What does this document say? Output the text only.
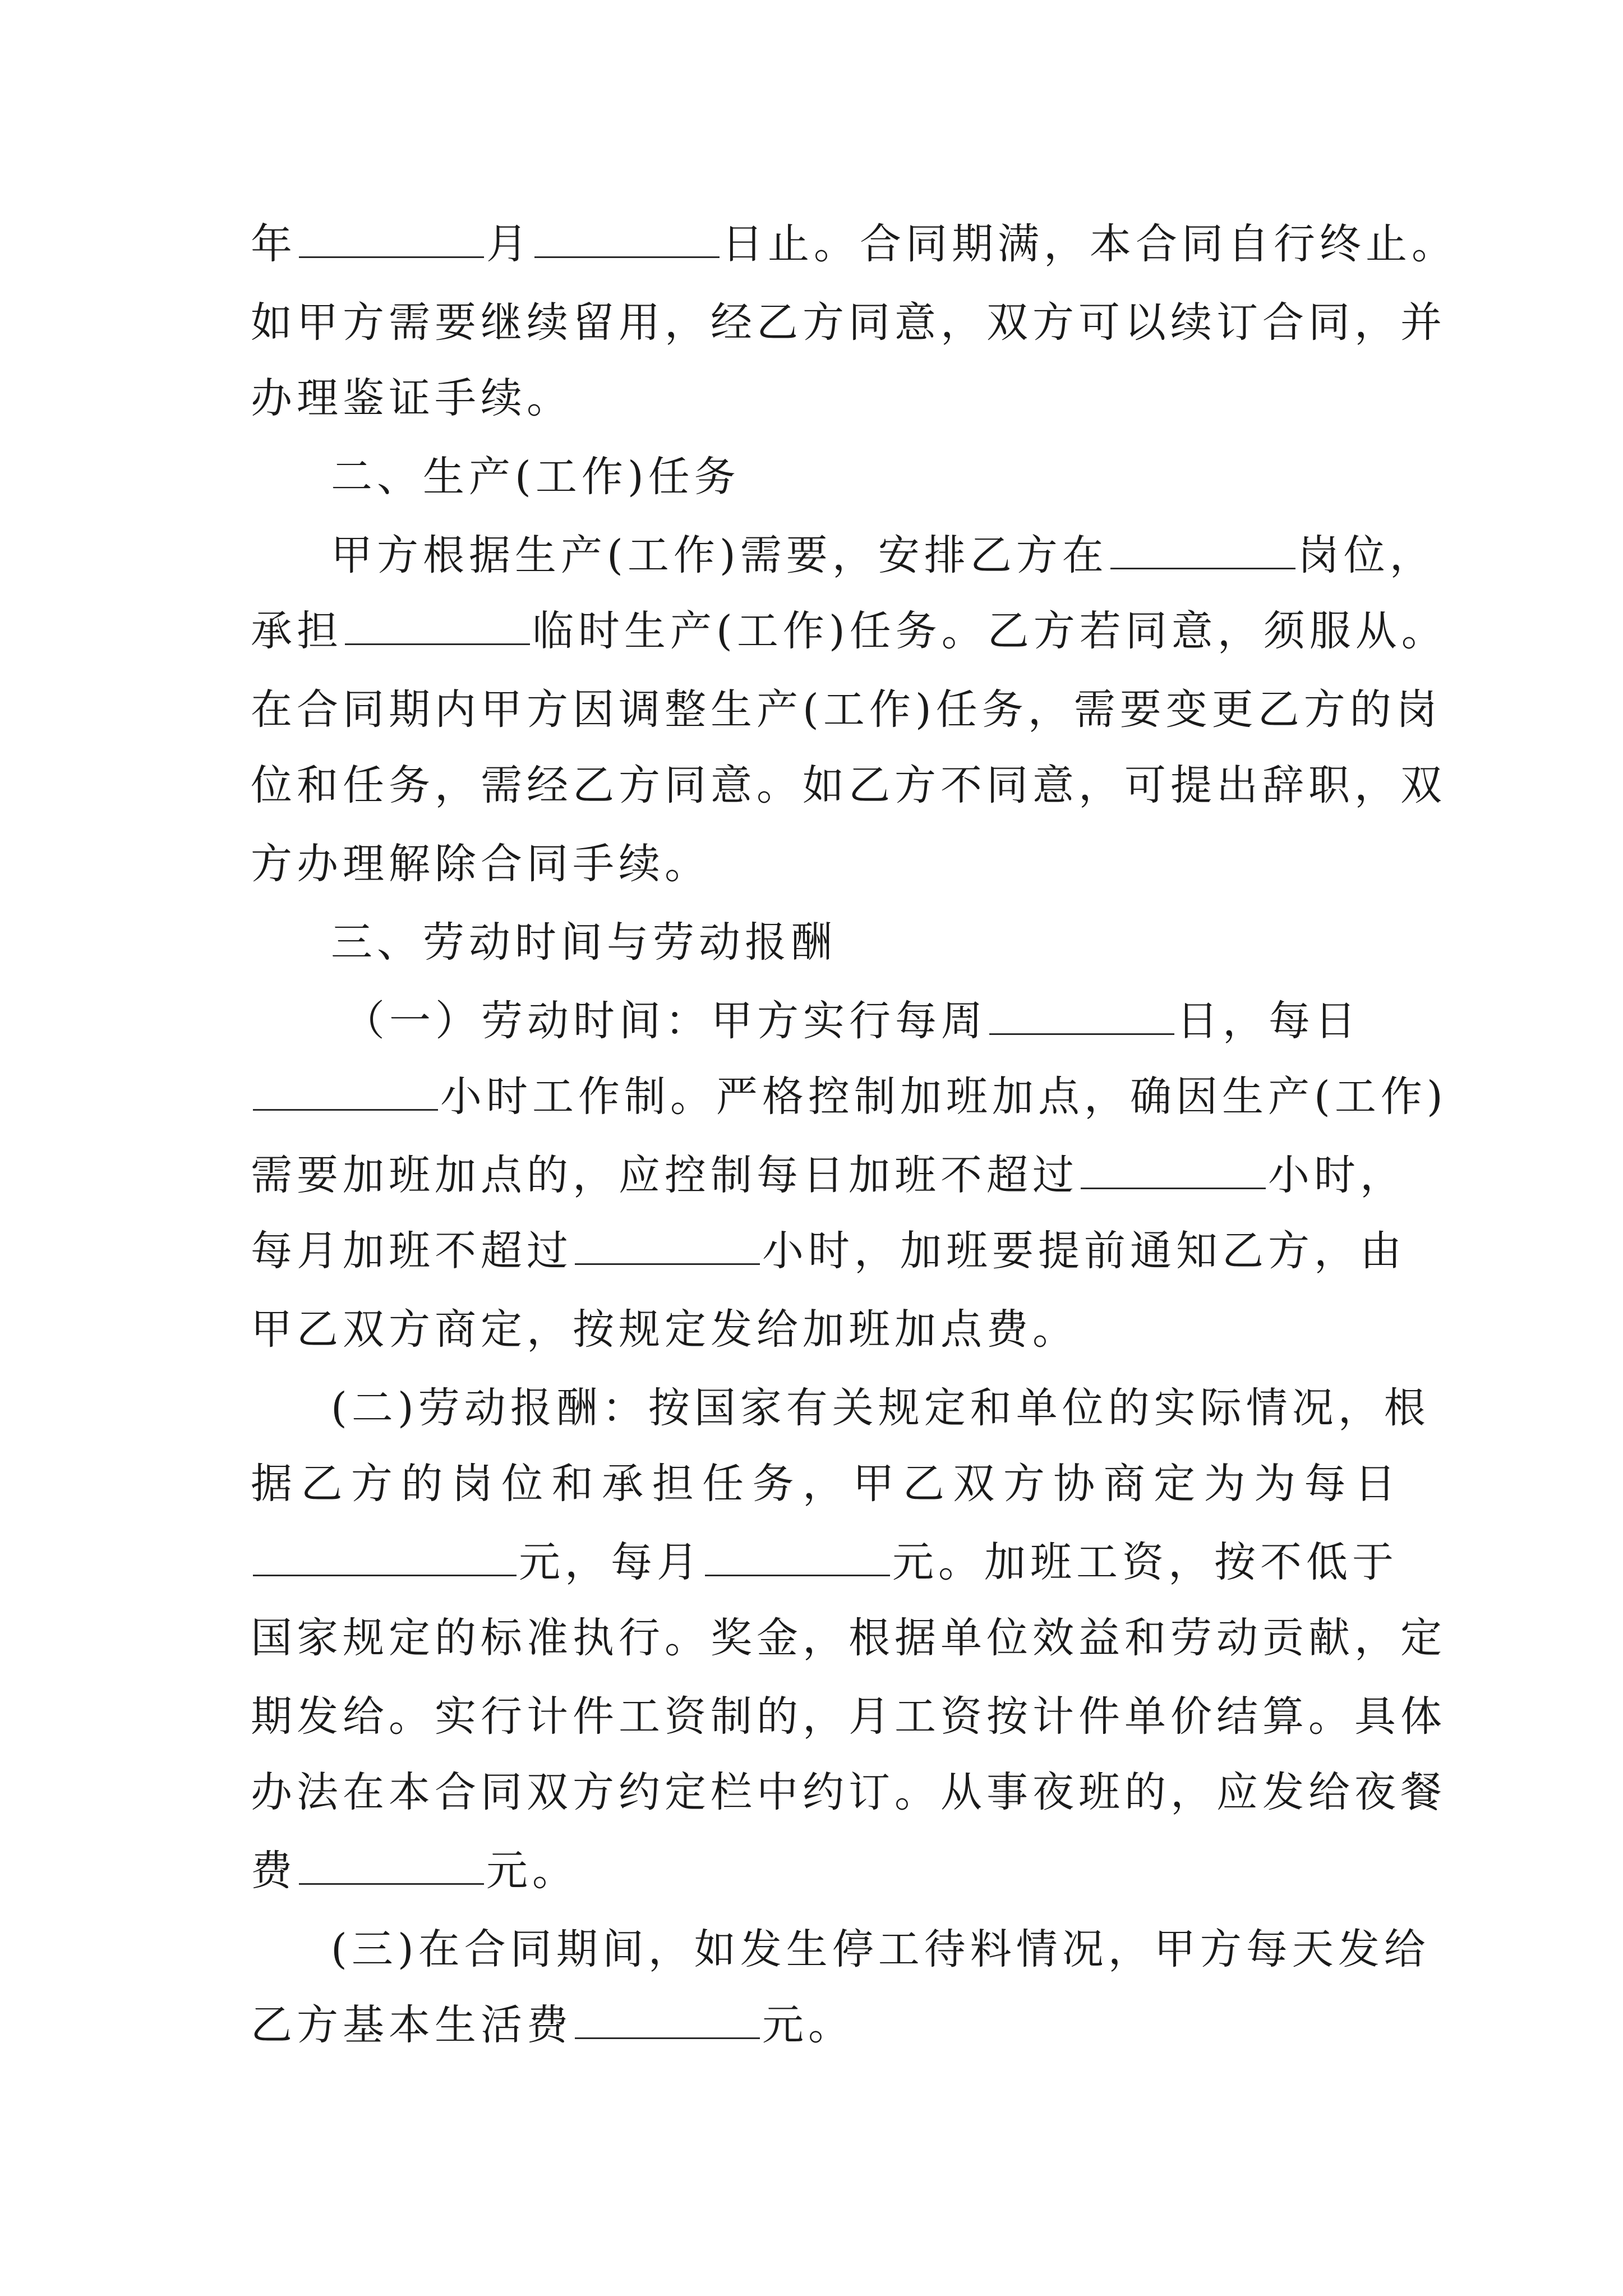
年	月	日止。合同期满，本合同自行终止。
如甲方需要继续留用，经乙方同意，双方可以续订合同，并
办理鉴证手续。
二、生产(工作)任务
甲方根据生产(工作)需要，安排乙方在	岗位，
承担	临时生产(工作)任务。乙方若同意，须服从。
在合同期内甲方因调整生产(工作)任务，需要变更乙方的岗
位和任务，需经乙方同意。如乙方不同意，可提出辞职，双
方办理解除合同手续。
三、劳动时间与劳动报酬
（一）劳动时间：甲方实行每周	日，每日
小时工作制。严格控制加班加点，确因生产(工作)
需要加班加点的，应控制每日加班不超过	小时，
每月加班不超过	小时，加班要提前通知乙方，由
甲乙双方商定，按规定发给加班加点费。
(二)劳动报酬：按国家有关规定和单位的实际情况，根
据乙方的岗位和承担任务，甲乙双方协商定为为每日
元，每月	元。加班工资，按不低于
国家规定的标准执行。奖金，根据单位效益和劳动贡献，定
期发给。实行计件工资制的，月工资按计件单价结算。具体
办法在本合同双方约定栏中约订。从事夜班的，应发给夜餐
费	元。
(三)在合同期间，如发生停工待料情况，甲方每天发给
乙方基本生活费	元。
